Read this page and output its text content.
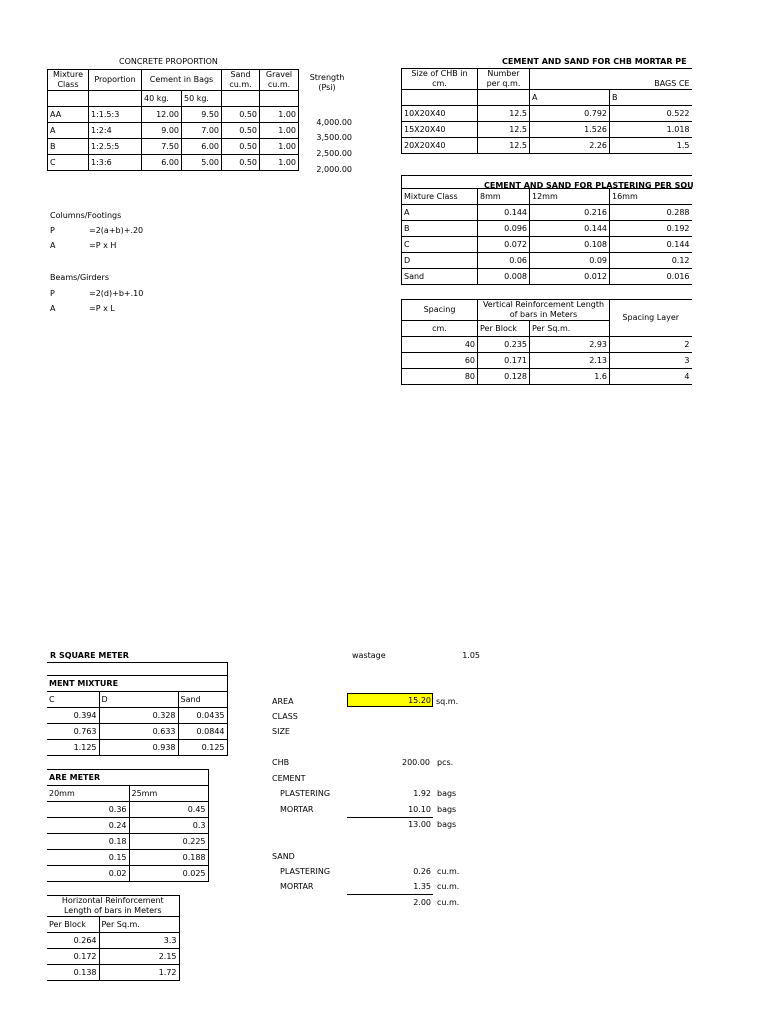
CONCRETE PROPORTION
Mixture Class	Proportion	Cement in Bags		Sand cu.m.	Gravel cu.m.
		40 kg.	50 kg.		
AA	1:1.5:3	12.00	9.50	0.50	1.00
A	1:2:4	9.00	7.00	0.50	1.00
B	1:2.5:5	7.50	6.00	0.50	1.00
C	1:3:6	6.00	5.00	0.50	1.00
Strength (Psi)
4,000.00
3,500.00
2,500.00
2,000.00
Columns/Footings
P	=2(a+b)+.20
A	=P x H
Beams/Girders
P	=2(d)+b+.10
A	=P x L
CEMENT AND SAND FOR CHB MORTAR PE
Size of CHB in cm.	Number per q.m.	BAGS CE	
		A	B
10X20X40	12.5	0.792	0.522
15X20X40	12.5	1.526	1.018
20X20X40	12.5	2.26	1.5
CEMENT AND SAND FOR PLASTERING PER SQU

Mixture Class	8mm	12mm	16mm
A	0.144	0.216	0.288
B	0.096	0.144	0.192
C	0.072	0.108	0.144
D	0.06	0.09	0.12
Sand	0.008	0.012	0.016
Spacing	Vertical Reinforcement Length of bars in Meters		Spacing Layer
cm.	Per Block	Per Sq.m.	
40	0.235	2.93	2
60	0.171	2.13	3
80	0.128	1.6	4
R SQUARE METER

MENT MIXTURE		
C	D	Sand
0.394	0.328	0.0435
0.763	0.633	0.0844
1.125	0.938	0.125
ARE METER	
20mm	25mm
0.36	0.45
0.24	0.3
0.18	0.225
0.15	0.188
0.02	0.025
Horizontal Reinforcement Length of bars in Meters	
Per Block	Per Sq.m.
0.264	3.3
0.172	2.15
0.138	1.72
wastage	1.05
AREA	15.20 sq.m.
CLASS
SIZE
CHB	200.00 pcs.
CEMENT
PLASTERING	1.92 bags
MORTAR	10.10 bags
13.00 bags
SAND
PLASTERING	0.26 cu.m.
MORTAR	1.35 cu.m.
2.00 cu.m.
